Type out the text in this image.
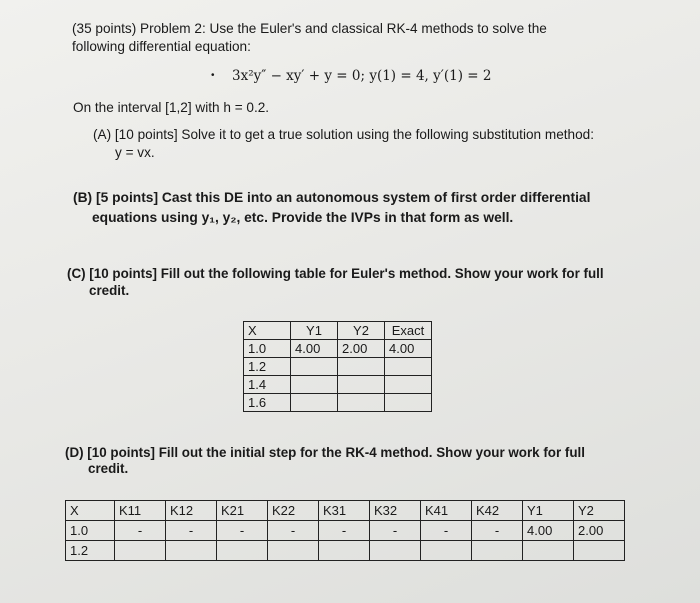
(35 points) Problem 2: Use the Euler's and classical RK-4 methods to solve the
following differential equation:
• 3x²y″ − xy′ + y = 0; y(1) = 4, y′(1) = 2
On the interval [1,2] with h = 0.2.
(A) [10 points] Solve it to get a true solution using the following substitution method:
y = vx.
(B) [5 points] Cast this DE into an autonomous system of first order differential
equations using y₁, y₂, etc. Provide the IVPs in that form as well.
(C) [10 points] Fill out the following table for Euler's method. Show your work for full
credit.
X	Y1	Y2	Exact
1.0	4.00	2.00	4.00
1.2			
1.4			
1.6			
(D) [10 points] Fill out the initial step for the RK-4 method. Show your work for full
credit.
X	K11	K12	K21	K22	K31	K32	K41	K42	Y1	Y2
1.0	-	-	-	-	-	-	-	-	4.00	2.00
1.2										
